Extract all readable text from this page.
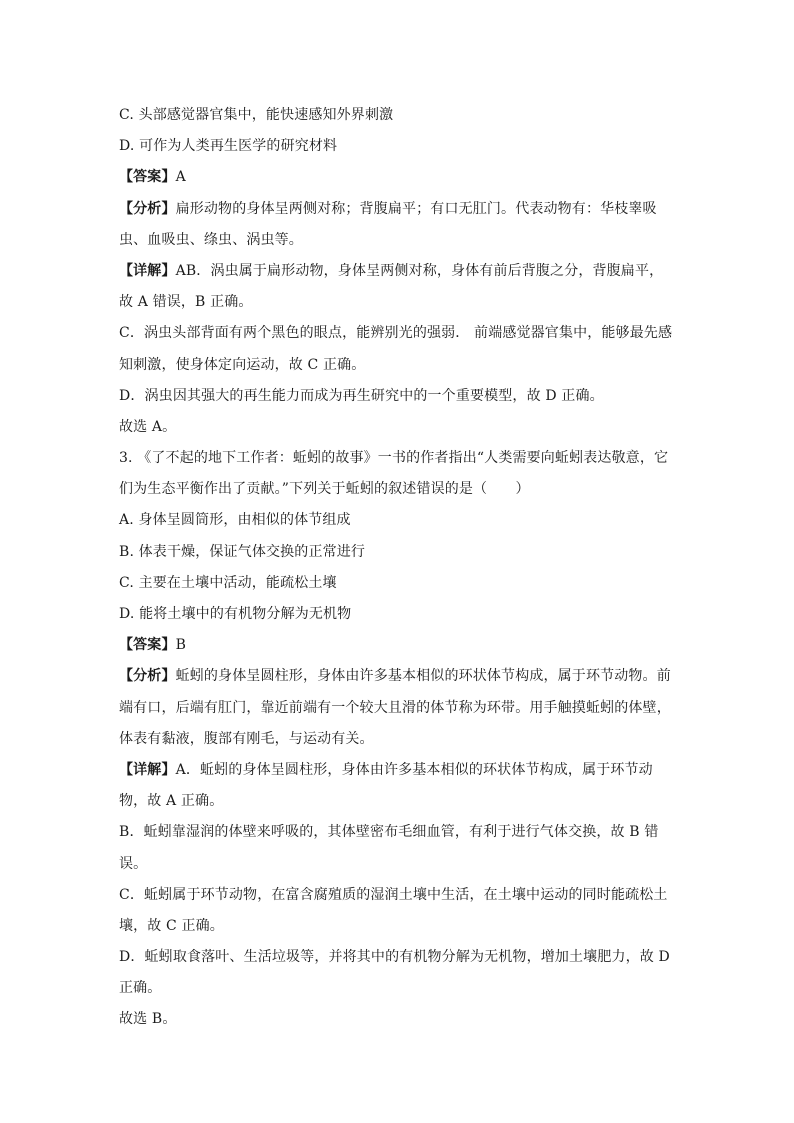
C. 头部感觉器官集中，能快速感知外界刺激
D. 可作为人类再生医学的研究材料
【答案】A
【分析】扁形动物的身体呈两侧对称；背腹扁平；有口无肛门。代表动物有：华枝睾吸
虫、血吸虫、绦虫、涡虫等。
【详解】AB．涡虫属于扁形动物，身体呈两侧对称，身体有前后背腹之分，背腹扁平，
故 A 错误，B 正确。
C．涡虫头部背面有两个黑色的眼点，能辨别光的强弱． 前端感觉器官集中，能够最先感
知刺激，使身体定向运动，故 C 正确。
D．涡虫因其强大的再生能力而成为再生研究中的一个重要模型，故 D 正确。
故选 A。
3. 《了不起的地下工作者：蚯蚓的故事》一书的作者指出“人类需要向蚯蚓表达敬意，它
们为生态平衡作出了贡献。”下列关于蚯蚓的叙述错误的是（　　）
A. 身体呈圆筒形，由相似的体节组成
B. 体表干燥，保证气体交换的正常进行
C. 主要在土壤中活动，能疏松土壤
D. 能将土壤中的有机物分解为无机物
【答案】B
【分析】蚯蚓的身体呈圆柱形，身体由许多基本相似的环状体节构成，属于环节动物。前
端有口，后端有肛门，靠近前端有一个较大且滑的体节称为环带。用手触摸蚯蚓的体壁，
体表有黏液，腹部有刚毛，与运动有关。
【详解】A．蚯蚓的身体呈圆柱形，身体由许多基本相似的环状体节构成，属于环节动
物，故 A 正确。
B．蚯蚓靠湿润的体壁来呼吸的，其体壁密布毛细血管，有利于进行气体交换，故 B 错
误。
C．蚯蚓属于环节动物，在富含腐殖质的湿润土壤中生活，在土壤中运动的同时能疏松土
壤，故 C 正确。
D．蚯蚓取食落叶、生活垃圾等，并将其中的有机物分解为无机物，增加土壤肥力，故 D
正确。
故选 B。
